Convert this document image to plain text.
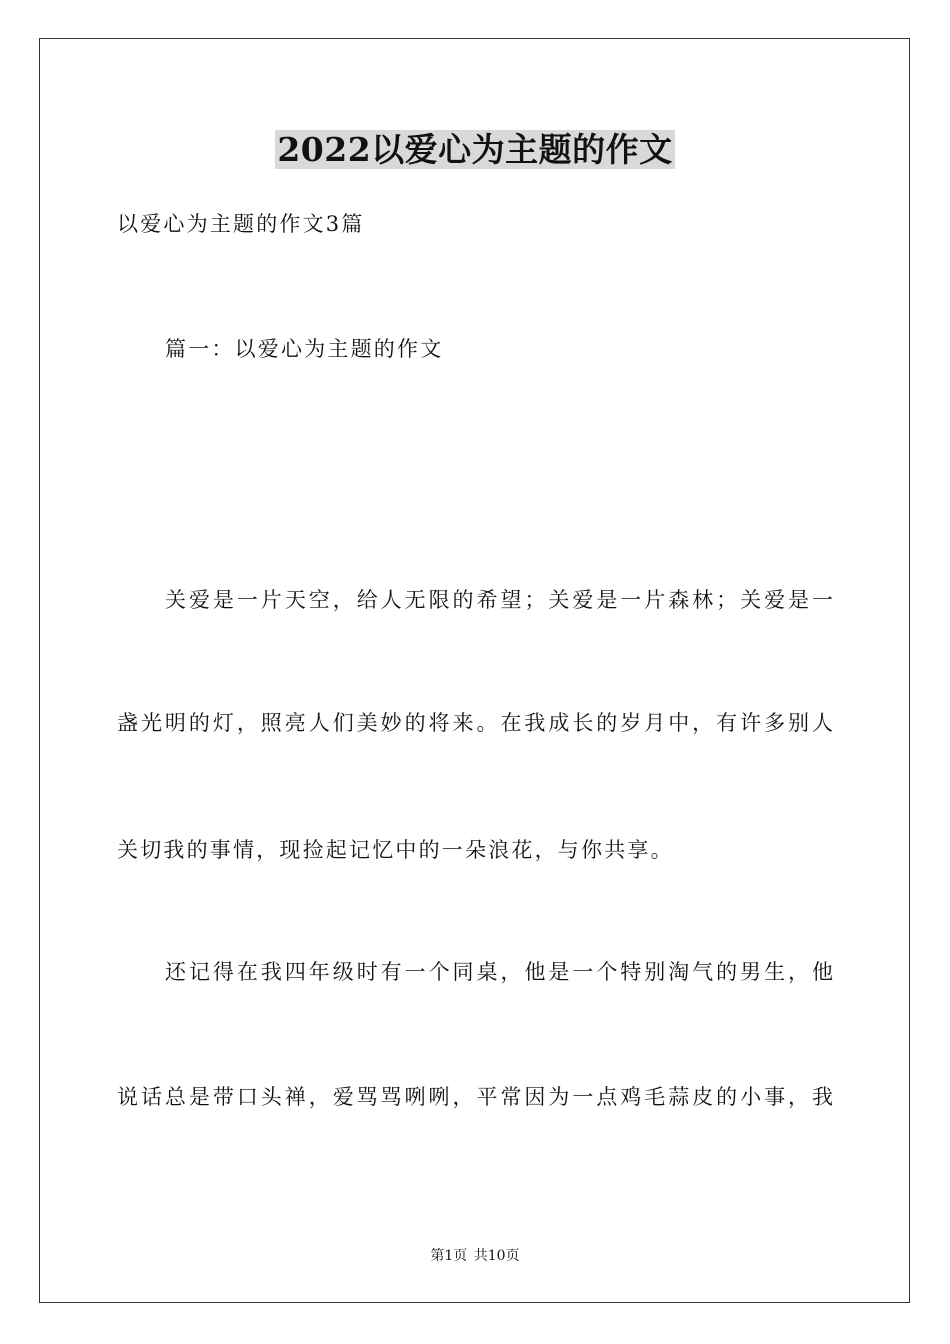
2022以爱心为主题的作文
以爱心为主题的作文3篇
篇一：以爱心为主题的作文
关爱是一片天空，给人无限的希望；关爱是一片森林；关爱是一
盏光明的灯，照亮人们美妙的将来。在我成长的岁月中，有许多别人
关切我的事情，现捡起记忆中的一朵浪花，与你共享。
还记得在我四年级时有一个同桌，他是一个特别淘气的男生，他
说话总是带口头禅，爱骂骂咧咧，平常因为一点鸡毛蒜皮的小事，我
第1页 共10页
